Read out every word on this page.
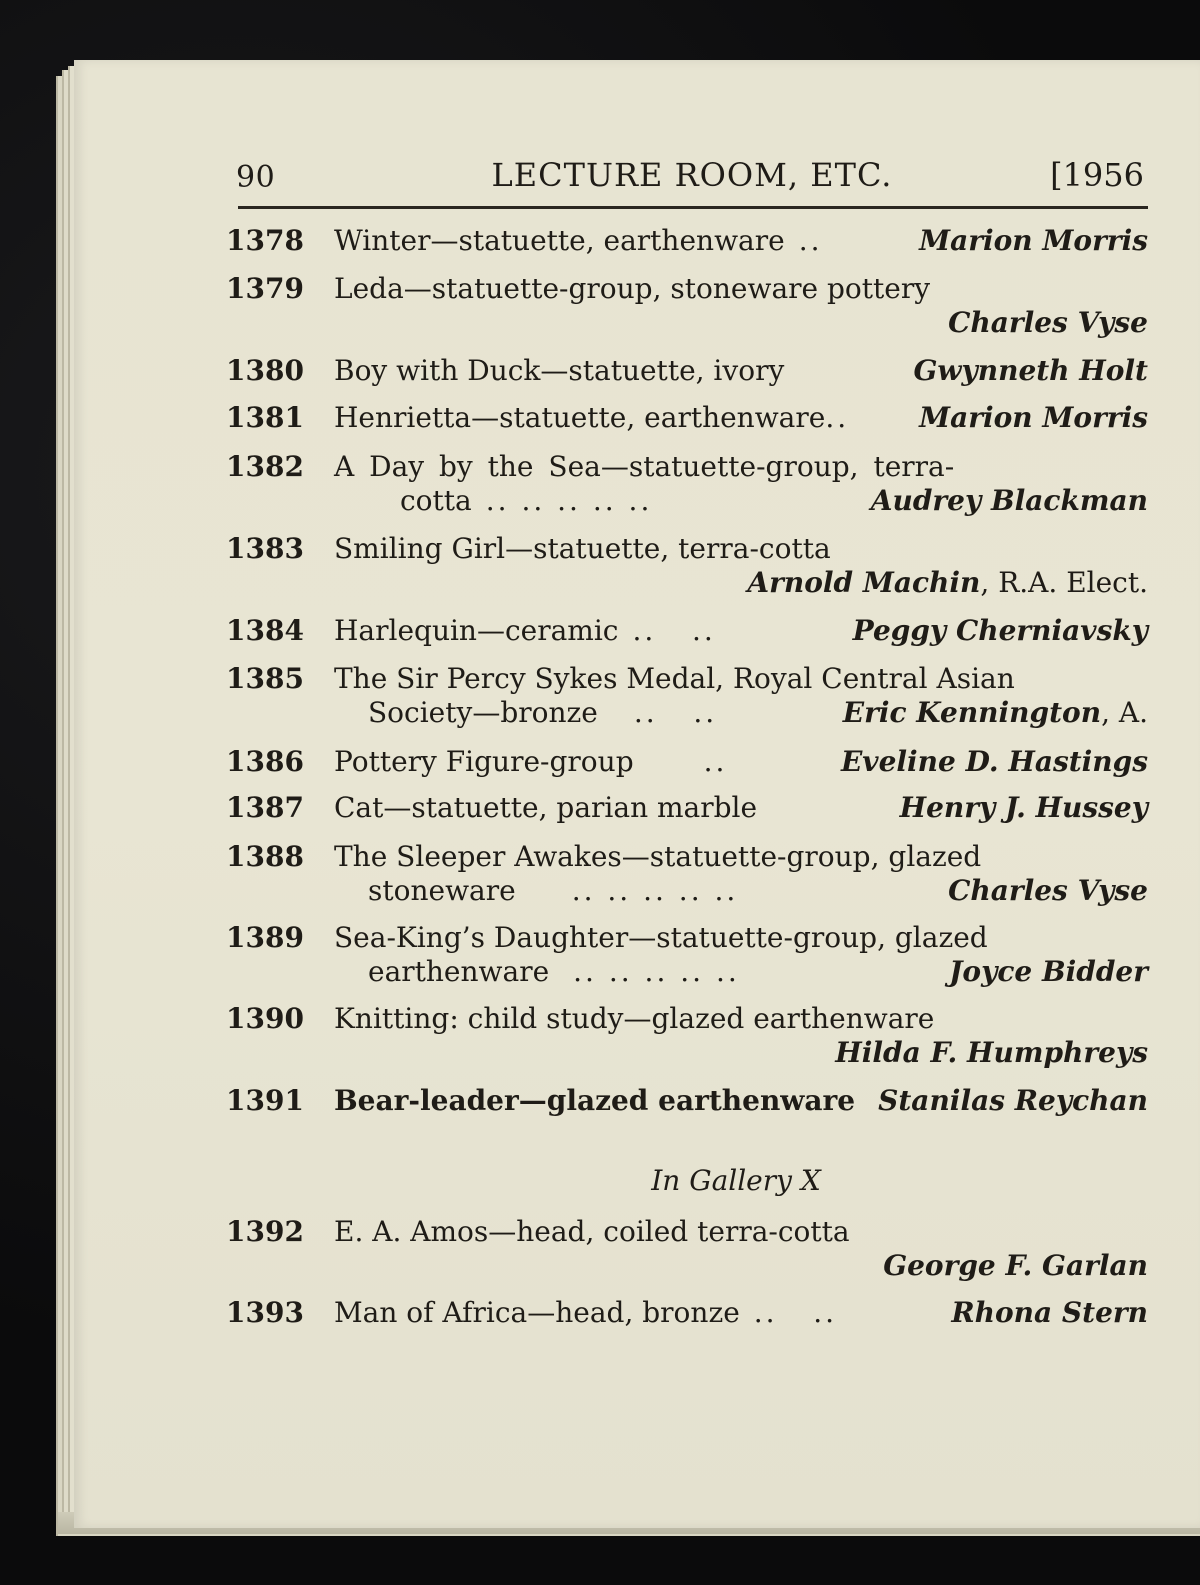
90	LECTURE ROOM, ETC.	[1956
1378 Winter—statuette, earthenware ..	Marion Morris
1379 Leda—statuette-group, stoneware pottery
Charles Vyse
1380 Boy with Duck—statuette, ivory	Gwynneth Holt
1381 Henrietta—statuette, earthenware..	Marion Morris
1382 A Day by the Sea—statuette-group, terra-
cotta .. .. .. .. ..	Audrey Blackman
1383 Smiling Girl—statuette, terra-cotta
Arnold Machin, R.A. Elect.
1384 Harlequin—ceramic ..   ..	Peggy Cherniavsky
1385 The Sir Percy Sykes Medal, Royal Central Asian
Society—bronze ..   ..	Eric Kennington, A.
1386 Pottery Figure-group	..	Eveline D. Hastings
1387 Cat—statuette, parian marble	Henry J. Hussey
1388 The Sleeper Awakes—statuette-group, glazed
stoneware .. .. .. .. ..	Charles Vyse
1389 Sea-King’s Daughter—statuette-group, glazed
earthenware .. .. .. .. ..	Joyce Bidder
1390 Knitting: child study—glazed earthenware
Hilda F. Humphreys
1391 Bear-leader—glazed earthenware Stanilas Reychan
In Gallery X
1392 E. A. Amos—head, coiled terra-cotta
George F. Garlan
1393 Man of Africa—head, bronze ..   ..	Rhona Stern
